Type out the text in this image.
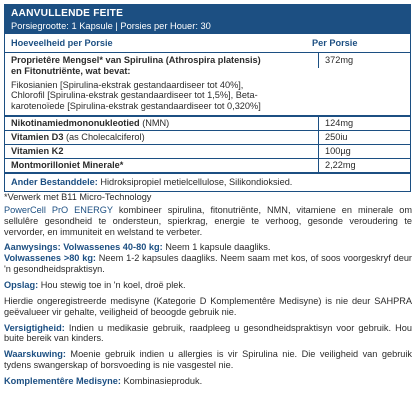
AANVULLENDE FEITE
Porsiegrootte: 1 Kapsule | Porsies per Houer: 30
Hoeveelheid per Porsie	Per Porsie
Proprietêre Mengsel* van Spirulina (Athrospira platensis)
en Fitonutriënte, wat bevat:
372mg
Fikosianien [Spirulina-ekstrak gestandaardiseer tot 40%],
Chlorofil [Spirulina-ekstrak gestandaardiseer tot 1,5%], Beta-
karotenoïede [Spirulina-ekstrak gestandaardiseer tot 0,320%]
Nikotinamiedmononukleotied (NMN)	124mg
Vitamien D3 (as Cholecalciferol)	250iu
Vitamien K2	100µg
Montmorilloniet Minerale*	2,22mg
Ander Bestanddele: Hidroksipropiel metielcellulose, Silikondioksied.
*Verwerk met B11 Micro-Technology
PowerCell PrO ENERGY kombineer spirulina, fitonutriënte, NMN, vitamiene en minerale om sellulêre gesondheid te ondersteun, spierkrag, energie te verhoog, gesonde veroudering te vervorder, en immuniteit en welstand te verbeter.
Aanwysings: Volwassenes 40-80 kg: Neem 1 kapsule daagliks.
Volwassenes >80 kg: Neem 1-2 kapsules daagliks. Neem saam met kos, of soos voorgeskryf deur 'n gesondheidspraktisyn.
Opslag: Hou stewig toe in 'n koel, droë plek.
Hierdie ongeregistreerde medisyne (Kategorie D Komplementêre Medisyne) is nie deur SAHPRA geëvalueer vir gehalte, veiligheid of beoogde gebruik nie.
Versigtigheid: Indien u medikasie gebruik, raadpleeg u gesondheidspraktisyn voor gebruik. Hou buite bereik van kinders.
Waarskuwing: Moenie gebruik indien u allergies is vir Spirulina nie. Die veiligheid van gebruik tydens swangerskap of borsvoeding is nie vasgestel nie.
Komplementêre Medisyne: Kombinasieproduk.
